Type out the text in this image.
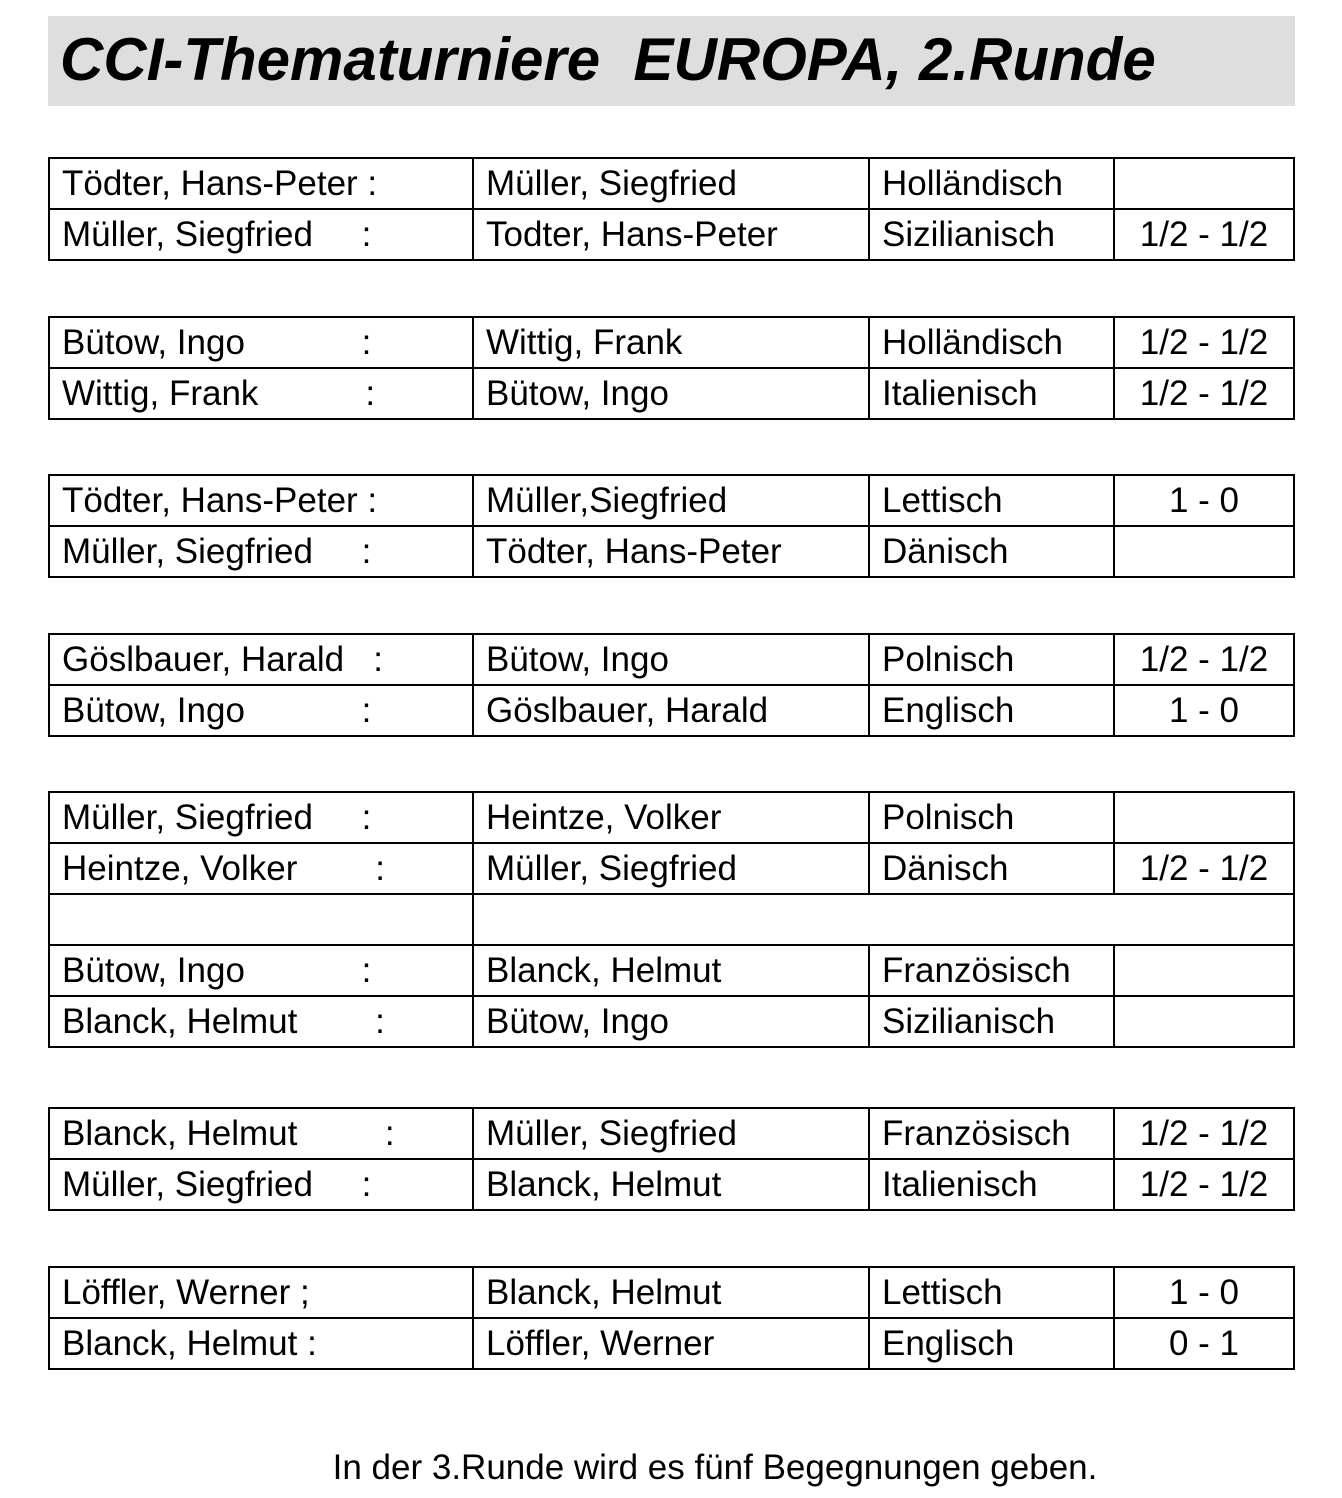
CCI-Thematurniere  EUROPA, 2.Runde
Tödter, Hans-Peter :	Müller, Siegfried	Holländisch	
Müller, Siegfried     :	Todter, Hans-Peter	Sizilianisch	1/2 - 1/2
Bütow, Ingo            :	Wittig, Frank	Holländisch	1/2 - 1/2
Wittig, Frank           :	Bütow, Ingo	Italienisch	1/2 - 1/2
Tödter, Hans-Peter :	Müller,Siegfried	Lettisch	1 - 0
Müller, Siegfried     :	Tödter, Hans-Peter	Dänisch	
Göslbauer, Harald   :	Bütow, Ingo	Polnisch	1/2 - 1/2
Bütow, Ingo            :	Göslbauer, Harald	Englisch	1 - 0
Müller, Siegfried     :	Heintze, Volker	Polnisch	
Heintze, Volker        :	Müller, Siegfried	Dänisch	1/2 - 1/2

Bütow, Ingo            :	Blanck, Helmut	Französisch	
Blanck, Helmut        :	Bütow, Ingo	Sizilianisch	
Blanck, Helmut         :	Müller, Siegfried	Französisch	1/2 - 1/2
Müller, Siegfried     :	Blanck, Helmut	Italienisch	1/2 - 1/2
Löffler, Werner ;	Blanck, Helmut	Lettisch	1 - 0
Blanck, Helmut :	Löffler, Werner	Englisch	0 - 1
In der 3.Runde wird es fünf Begegnungen geben.
